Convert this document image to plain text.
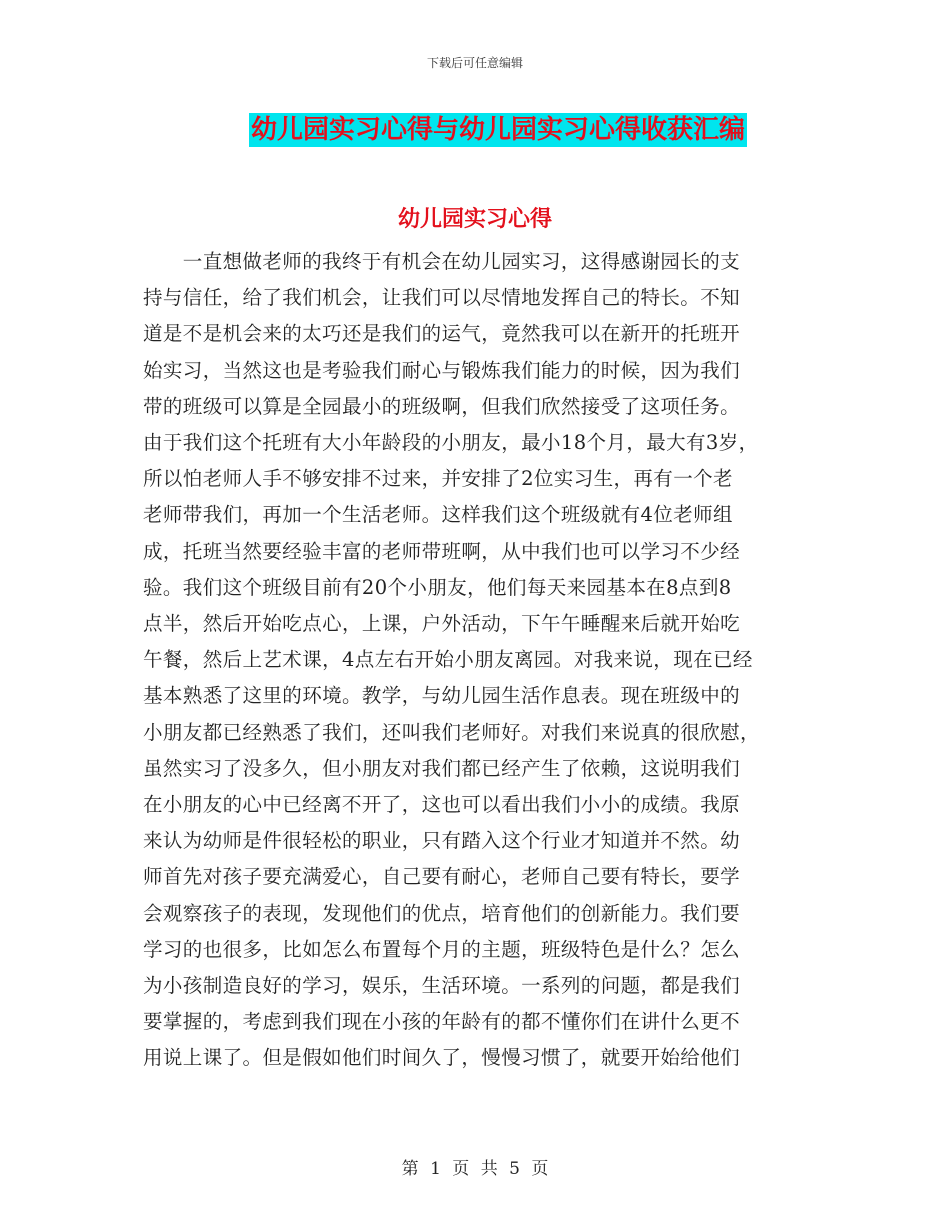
下载后可任意编辑
幼儿园实习心得与幼儿园实习心得收获汇编
幼儿园实习心得
　　一直想做老师的我终于有机会在幼儿园实习，这得感谢园长的支
持与信任，给了我们机会，让我们可以尽情地发挥自己的特长。不知
道是不是机会来的太巧还是我们的运气，竟然我可以在新开的托班开
始实习，当然这也是考验我们耐心与锻炼我们能力的时候，因为我们
带的班级可以算是全园最小的班级啊，但我们欣然接受了这项任务。
由于我们这个托班有大小年龄段的小朋友，最小18个月，最大有3岁，
所以怕老师人手不够安排不过来，并安排了2位实习生，再有一个老
老师带我们，再加一个生活老师。这样我们这个班级就有4位老师组
成，托班当然要经验丰富的老师带班啊，从中我们也可以学习不少经
验。我们这个班级目前有20个小朋友，他们每天来园基本在8点到8
点半，然后开始吃点心，上课，户外活动，下午午睡醒来后就开始吃
午餐，然后上艺术课，4点左右开始小朋友离园。对我来说，现在已经
基本熟悉了这里的环境。教学，与幼儿园生活作息表。现在班级中的
小朋友都已经熟悉了我们，还叫我们老师好。对我们来说真的很欣慰，
虽然实习了没多久，但小朋友对我们都已经产生了依赖，这说明我们
在小朋友的心中已经离不开了，这也可以看出我们小小的成绩。我原
来认为幼师是件很轻松的职业，只有踏入这个行业才知道并不然。幼
师首先对孩子要充满爱心，自己要有耐心，老师自己要有特长，要学
会观察孩子的表现，发现他们的优点，培育他们的创新能力。我们要
学习的也很多，比如怎么布置每个月的主题，班级特色是什么？怎么
为小孩制造良好的学习，娱乐，生活环境。一系列的问题，都是我们
要掌握的，考虑到我们现在小孩的年龄有的都不懂你们在讲什么更不
用说上课了。但是假如他们时间久了，慢慢习惯了，就要开始给他们
第 1 页 共 5 页
